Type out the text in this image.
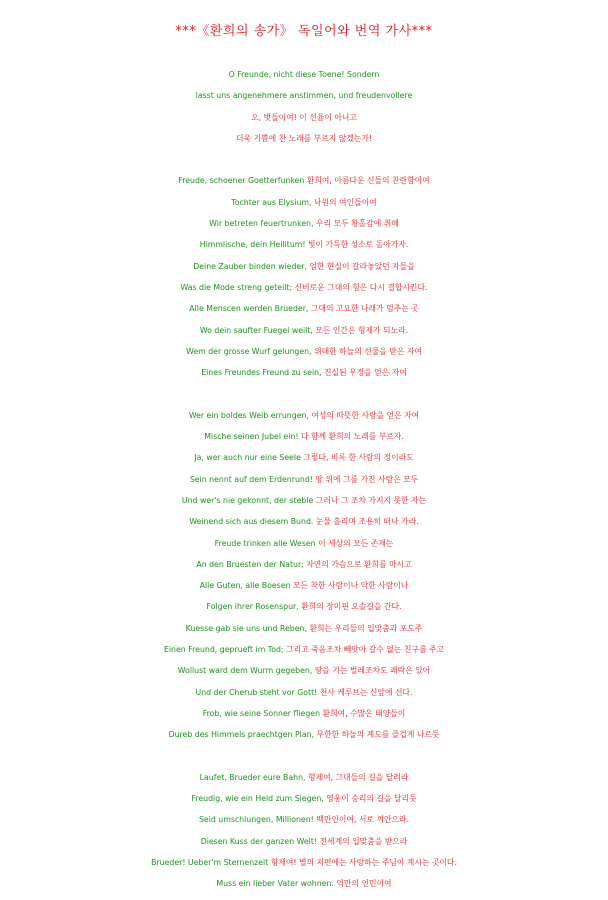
***《환희의 송가》 독일어와 번역 가사***
O Freunde, nicht diese Toene! Sondern
lasst uns angenehmere anstimmen, und freudenvollere
오, 벗들이여! 이 선율이 아니고
더욱 기쁨에 찬 노래를 부르지 않겠는가!
Freude, schoener Goetterfunken 환희여, 아름다운 신들의 찬란함이여
Tochter aus Elysium, 낙원의 여인들이여
Wir betreten feuertrunken, 우리 모두 황홀감에 취해
Himmlische, dein Heilitum! 빛이 가득한 성소로 돌아가자.
Deine Zauber binden wieder, 엄한 현실이 갈라놓았던 자들을
Was die Mode streng geteilt; 신비로운 그대의 힘은 다시 결합시킨다.
Alle Menscen werden Brueder, 그대의 고요한 나래가 멈추는 곳
Wo dein saufter Fuegel weilt, 모든 인간은 형제가 되노라.
Wem der grosse Wurf gelungen, 위대한 하늘의 선물을 받은 자여
Eines Freundes Freund zu sein, 진실된 우정을 얻은 자여
Wer ein boldes Weib errungen, 여성의 따뜻한 사랑을 얻은 자여
Mische seinen Jubel ein! 다 함께 환희의 노래를 부르자.
Ja, wer auch nur eine Seele 그렇다, 비록 한 사람의 정이라도
Sein nennt auf dem Erdenrund! 땅 위에 그를 가진 사람은 모두
Und wer's nie gekonnt, der steble 그러나 그 조차 가지지 못한 자는
Weinend sich aus diesem Bund. 눈물 흘리며 조용히 떠나 가라.
Freude trinken alle Wesen 이 세상의 모든 존재는
An den Bruesten der Natur; 자연의 가슴으로 환희를 마시고
Alle Guten, alle Boesen 모든 착한 사람이나 악한 사람이나
Folgen ihrer Rosenspur, 환희의 장미핀 오솔길을 간다.
Kuesse gab sie uns und Reben, 환희는 우리들의 입맞춤과 포도주
Einen Freund, geprueft im Tod; 그리고 죽음조차 빼앗아 갈수 없는 친구를 주고
Wollust ward dem Wurm gegeben, 땅을 기는 벌레조차도 쾌락은 있어
Und der Cherub steht vor Gott! 천사 케루브는 신앞에 선다.
Frob, wie seine Sonner fliegen 환희여, 수많은 태양들이
Dureb des Himmels praechtgen Plan, 무한한 하늘의 계도를 즐겁게 나르듯
Laufet, Brueder eure Bahn, 형제여, 그대들의 길을 달려라
Freudig, wie ein Held zum Siegen, 영웅이 승리의 길을 달리듯
Seid umschlungen, Millionen! 백만인이여, 서로 껴안으라.
Diesen Kuss der ganzen Welt! 전세계의 입맞춤을 받으라
Brueder! Ueber'm Sternenzelt 형제여! 별의 저편에는 사랑하는 주님이 계시는 곳이다.
Muss ein lieber Vater wohnen. 억만의 인민이여
